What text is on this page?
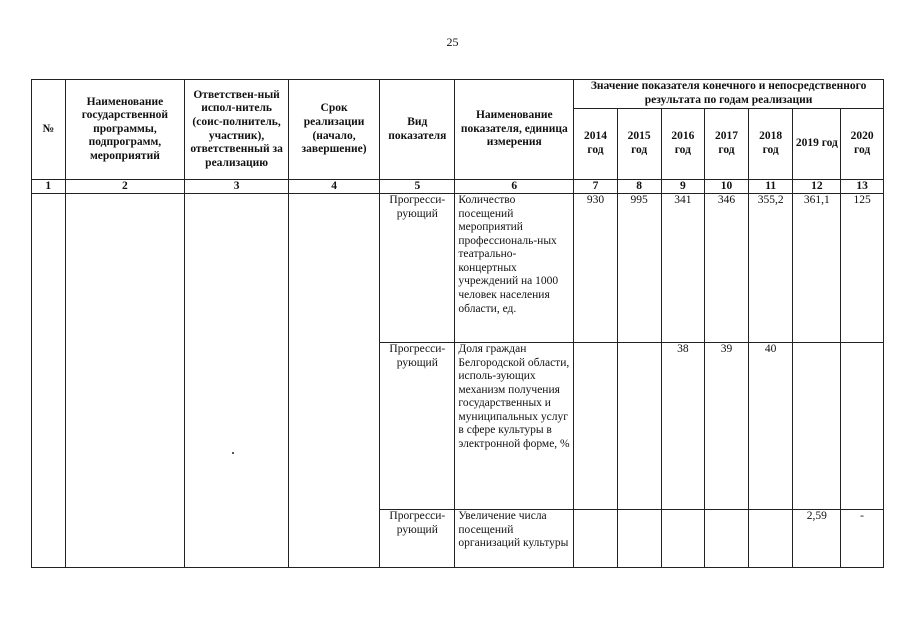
25
№	Наименование государственной программы, подпрограмм, мероприятий	Ответствен-ный испол-нитель (соис-полнитель, участник), ответственный за реализацию	Срок реализации (начало, завершение)	Вид показателя	Наименование показателя, единица измерения	Значение показателя конечного и непосредственного результата по годам реализации						
						2014 год	2015 год	2016 год	2017 год	2018 год	2019 год	2020 год
1	2	3	4	5	6	7	8	9	10	11	12	13
				Прогресси-рующий	Количество посещений мероприятий профессиональ-ных театрально-концертных учреждений на 1000 человек населения области, ед.	930	995	341	346	355,2	361,1	125
				Прогресси-рующий	Доля граждан Белгородской области, исполь-зующих механизм получения государственных и муниципальных услуг в сфере культуры в электронной форме, %			38	39	40		
				Прогресси-рующий	Увеличение числа посещений организаций культуры						2,59	-
